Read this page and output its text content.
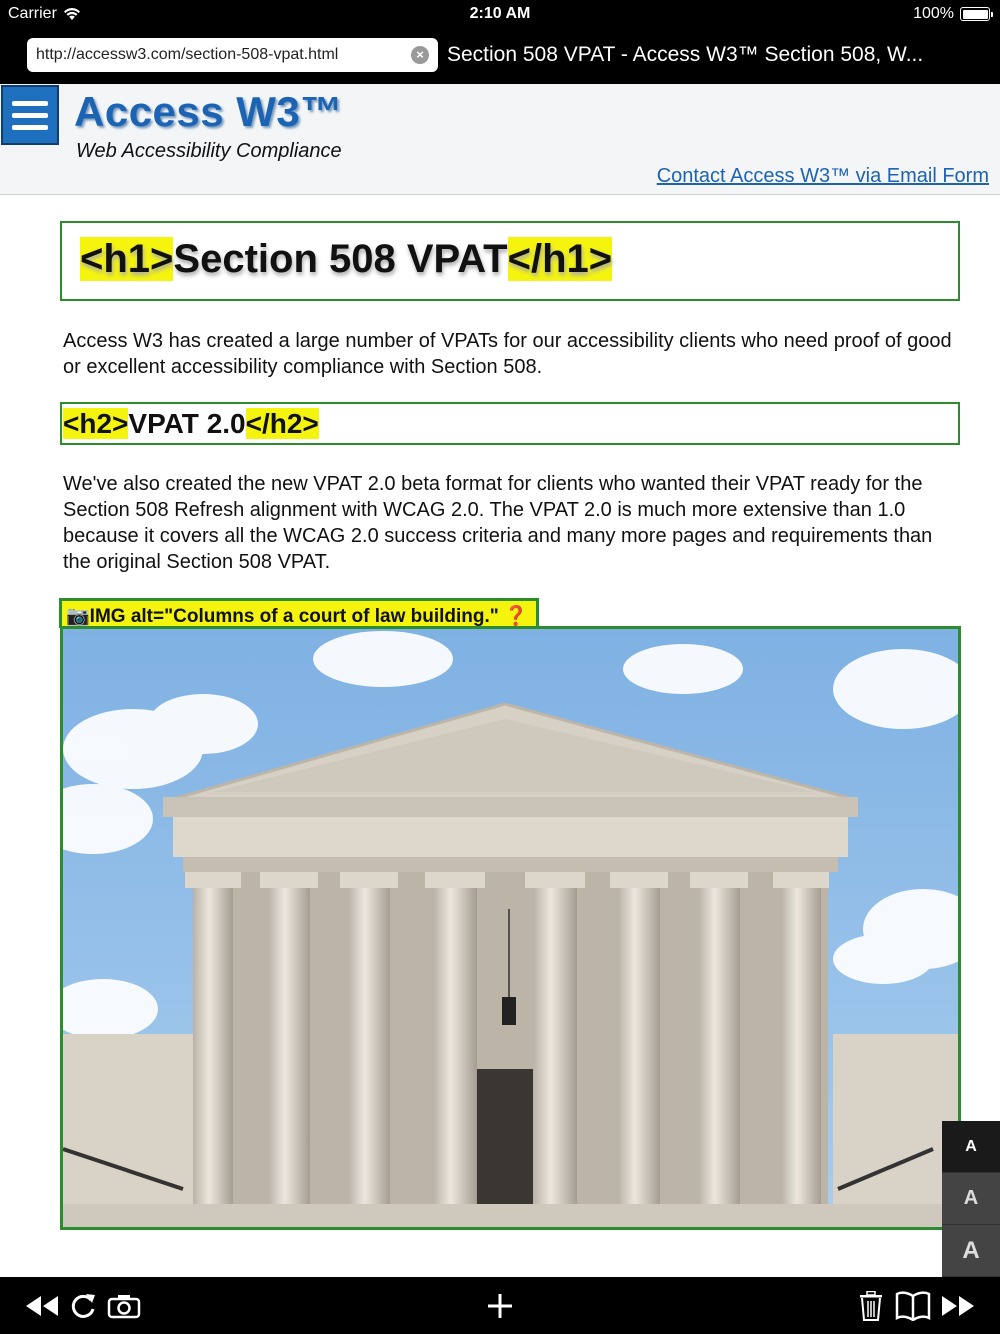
Carrier	2:10 AM	100%
http://accessw3.com/section-508-vpat.html	× Section 508 VPAT - Access W3™ Section 508, W...
Access W3™
Web Accessibility Compliance
Contact Access W3™ via Email Form
<h1>Section 508 VPAT</h1>

Access W3 has created a large number of VPATs for our accessibility clients who need proof of good or excellent accessibility compliance with Section 508.

<h2>VPAT 2.0</h2>

We've also created the new VPAT 2.0 beta format for clients who wanted their VPAT ready for the Section 508 Refresh alignment with WCAG 2.0. The VPAT 2.0 is much more extensive than 1.0 because it covers all the WCAG 2.0 success criteria and many more pages and requirements than the original Section 508 VPAT.

📷IMG alt="Columns of a court of law building." ❓
A
A
A
